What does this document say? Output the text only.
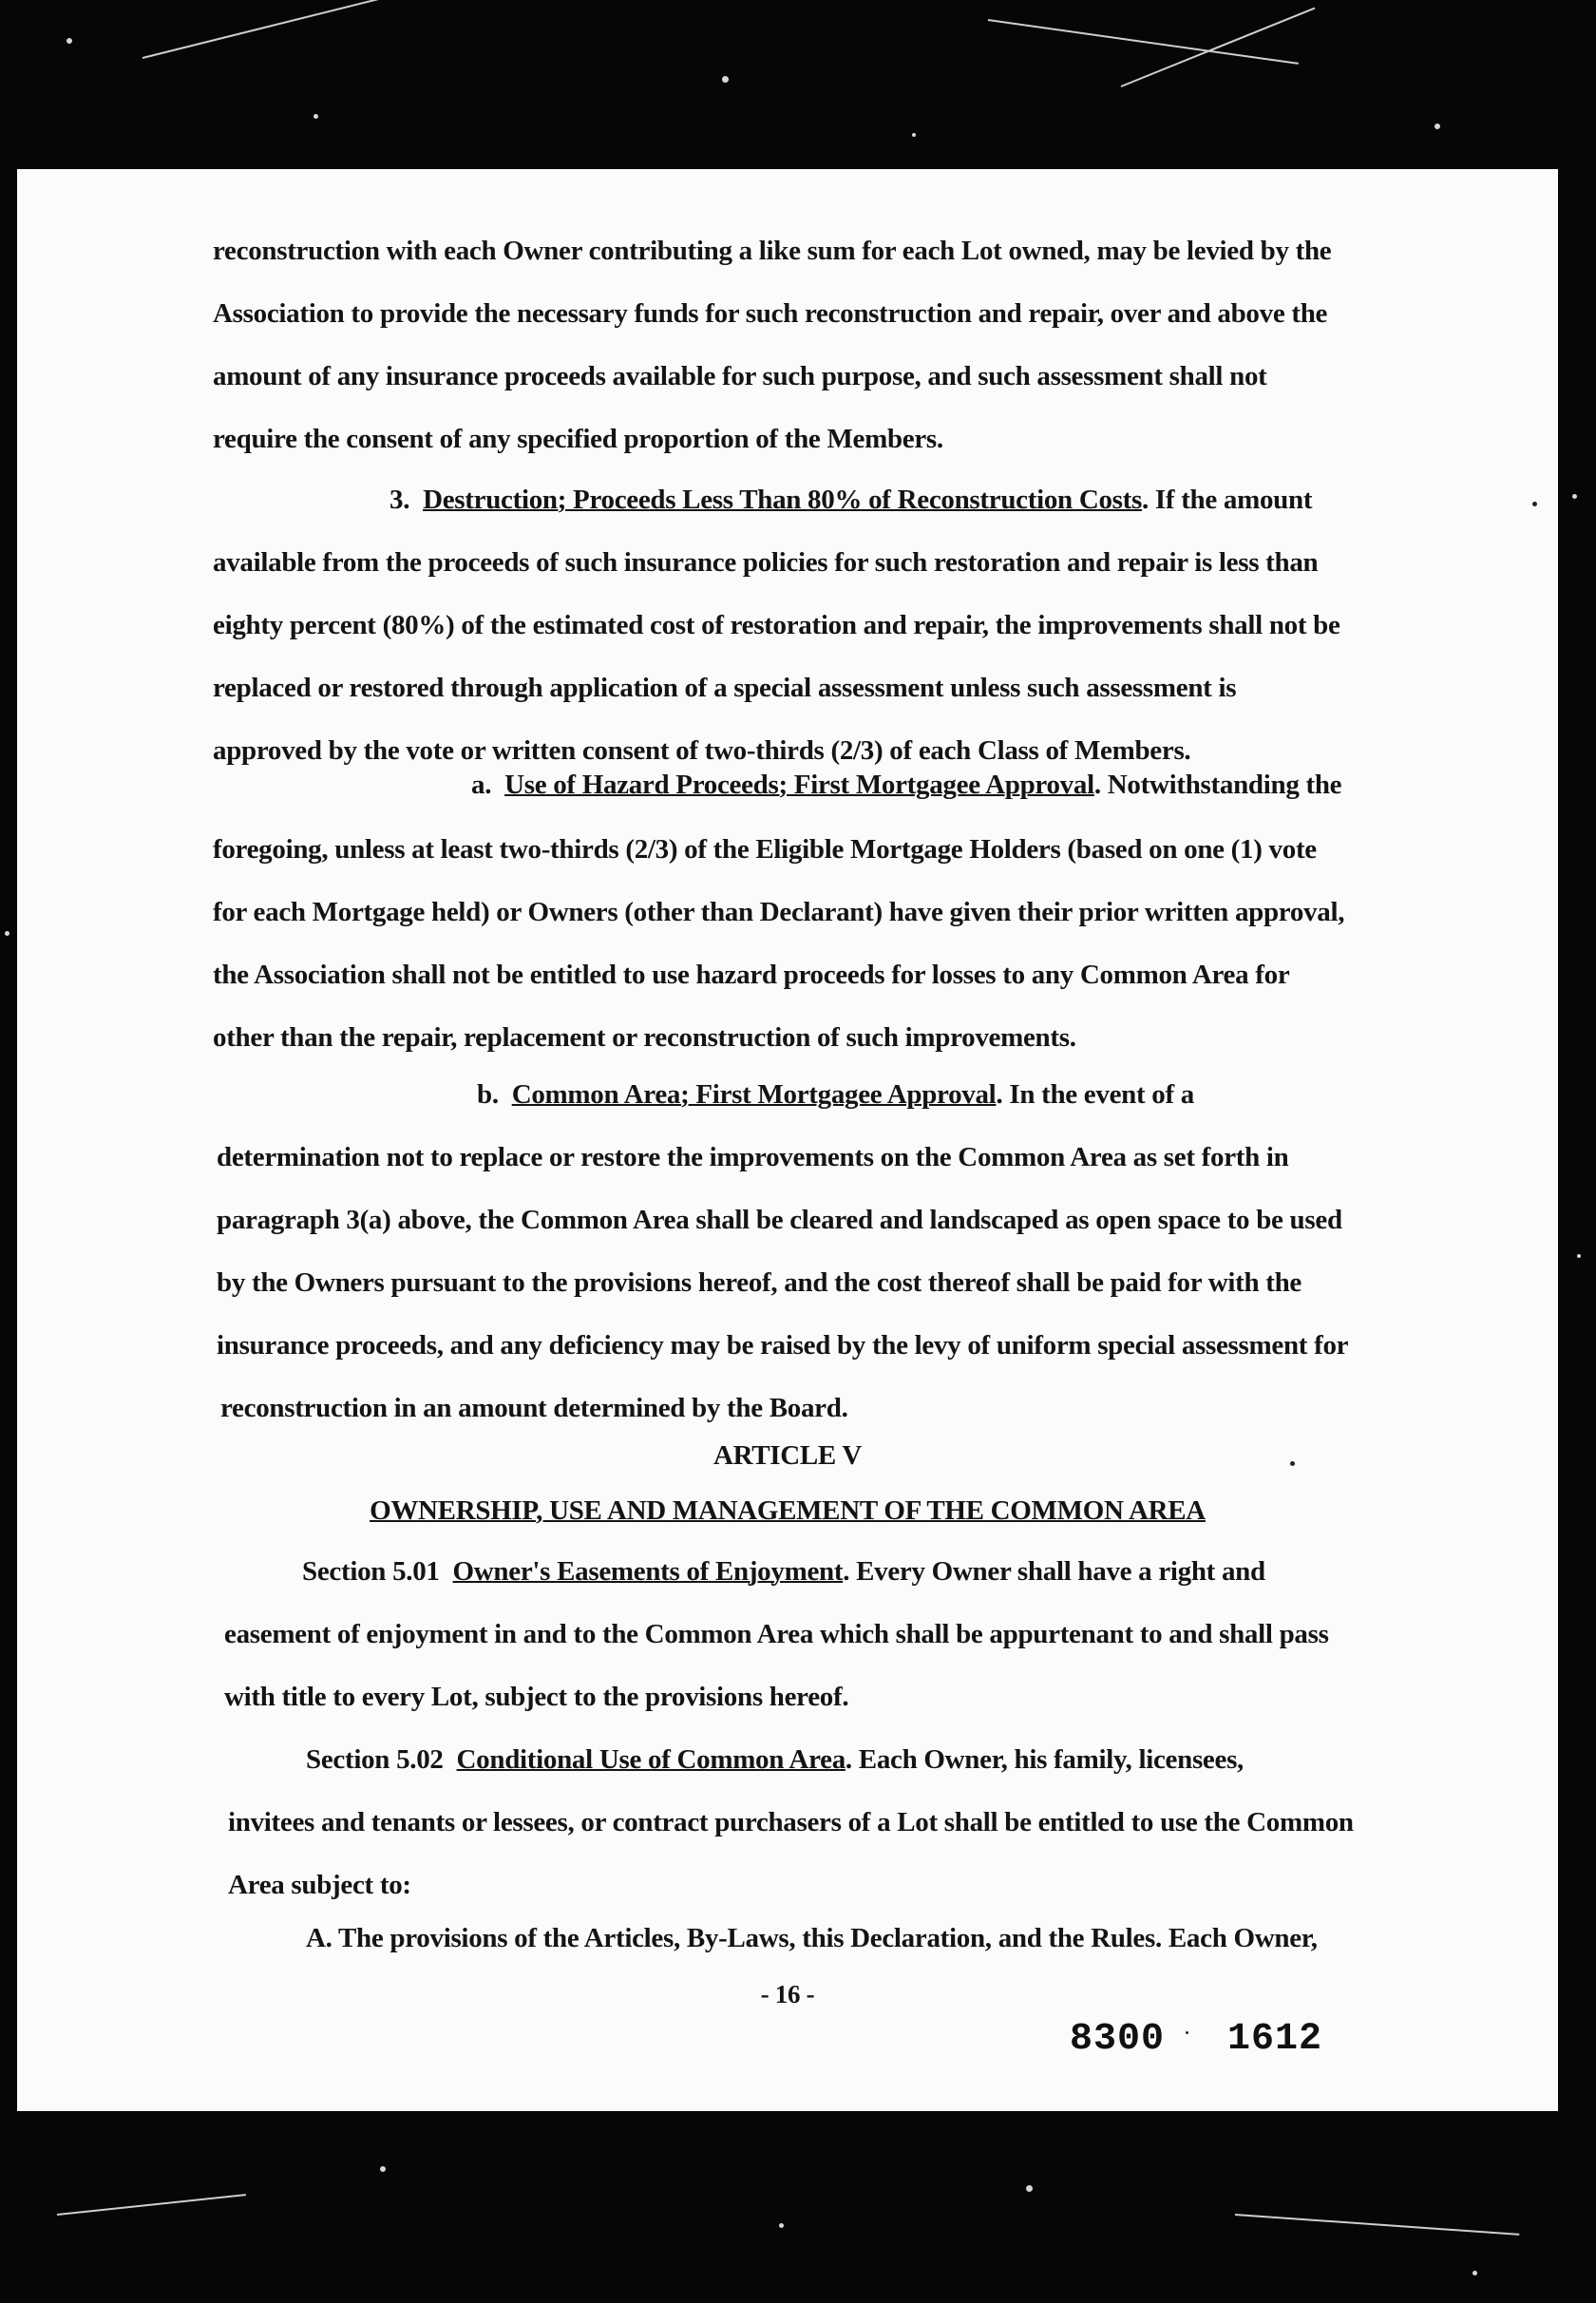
reconstruction with each Owner contributing a like sum for each Lot owned, may be levied by the
Association to provide the necessary funds for such reconstruction and repair, over and above the
amount of any insurance proceeds available for such purpose, and such assessment shall not
require the consent of any specified proportion of the Members.
3. Destruction; Proceeds Less Than 80% of Reconstruction Costs. If the amount
available from the proceeds of such insurance policies for such restoration and repair is less than
eighty percent (80%) of the estimated cost of restoration and repair, the improvements shall not be
replaced or restored through application of a special assessment unless such assessment is
approved by the vote or written consent of two-thirds (2/3) of each Class of Members.
a. Use of Hazard Proceeds; First Mortgagee Approval. Notwithstanding the
foregoing, unless at least two-thirds (2/3) of the Eligible Mortgage Holders (based on one (1) vote
for each Mortgage held) or Owners (other than Declarant) have given their prior written approval,
the Association shall not be entitled to use hazard proceeds for losses to any Common Area for
other than the repair, replacement or reconstruction of such improvements.
b. Common Area; First Mortgagee Approval. In the event of a
determination not to replace or restore the improvements on the Common Area as set forth in
paragraph 3(a) above, the Common Area shall be cleared and landscaped as open space to be used
by the Owners pursuant to the provisions hereof, and the cost thereof shall be paid for with the
insurance proceeds, and any deficiency may be raised by the levy of uniform special assessment for
reconstruction in an amount determined by the Board.
ARTICLE V
OWNERSHIP, USE AND MANAGEMENT OF THE COMMON AREA
Section 5.01 Owner's Easements of Enjoyment. Every Owner shall have a right and
easement of enjoyment in and to the Common Area which shall be appurtenant to and shall pass
with title to every Lot, subject to the provisions hereof.
Section 5.02 Conditional Use of Common Area. Each Owner, his family, licensees,
invitees and tenants or lessees, or contract purchasers of a Lot shall be entitled to use the Common
Area subject to:
A. The provisions of the Articles, By-Laws, this Declaration, and the Rules. Each Owner,
- 16 -
8300 1612
